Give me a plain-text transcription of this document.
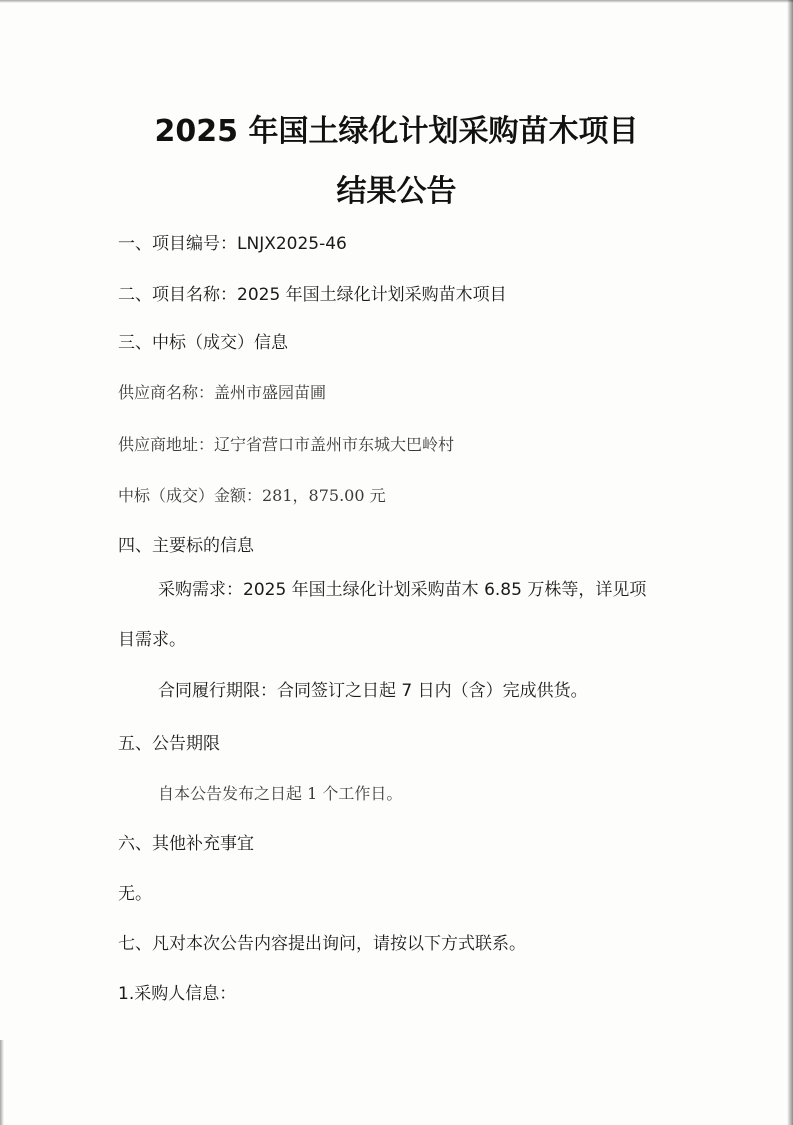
2025 年国土绿化计划采购苗木项目
结果公告

一、项目编号：LNJX2025-46

二、项目名称：2025 年国土绿化计划采购苗木项目

三、中标（成交）信息

供应商名称：盖州市盛园苗圃

供应商地址：辽宁省营口市盖州市东城大巴岭村

中标（成交）金额：281，875.00 元

四、主要标的信息

采购需求：2025 年国土绿化计划采购苗木 6.85 万株等，详见项

目需求。

合同履行期限：合同签订之日起 7 日内（含）完成供货。

五、公告期限

自本公告发布之日起 1 个工作日。

六、其他补充事宜

无。

七、凡对本次公告内容提出询问，请按以下方式联系。

1.采购人信息：
